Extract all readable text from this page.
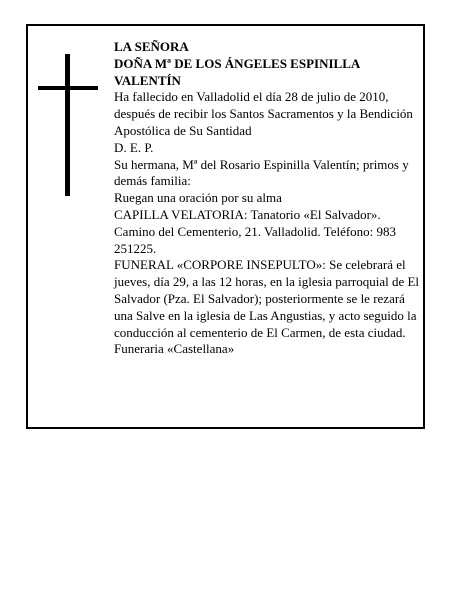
LA SEÑORA

DOÑA Mª DE LOS ÁNGELES ESPINILLA VALENTÍN

Ha fallecido en Valladolid el día 28 de julio de 2010, después de recibir los Santos Sacramentos y la Bendición Apostólica de Su Santidad

D. E. P.

Su hermana, Mª del Rosario Espinilla Valentín; primos y demás familia:

Ruegan una oración por su alma

CAPILLA VELATORIA: Tanatorio «El Salvador». Camino del Cementerio, 21. Valladolid. Teléfono: 983 251225.

FUNERAL «CORPORE INSEPULTO»: Se celebrará el jueves, día 29, a las 12 horas, en la iglesia parroquial de El Salvador (Pza. El Salvador); posteriormente se le rezará una Salve en la iglesia de Las Angustias, y acto seguido la conducción al cementerio de El Carmen, de esta ciudad.

Funeraria «Castellana»
